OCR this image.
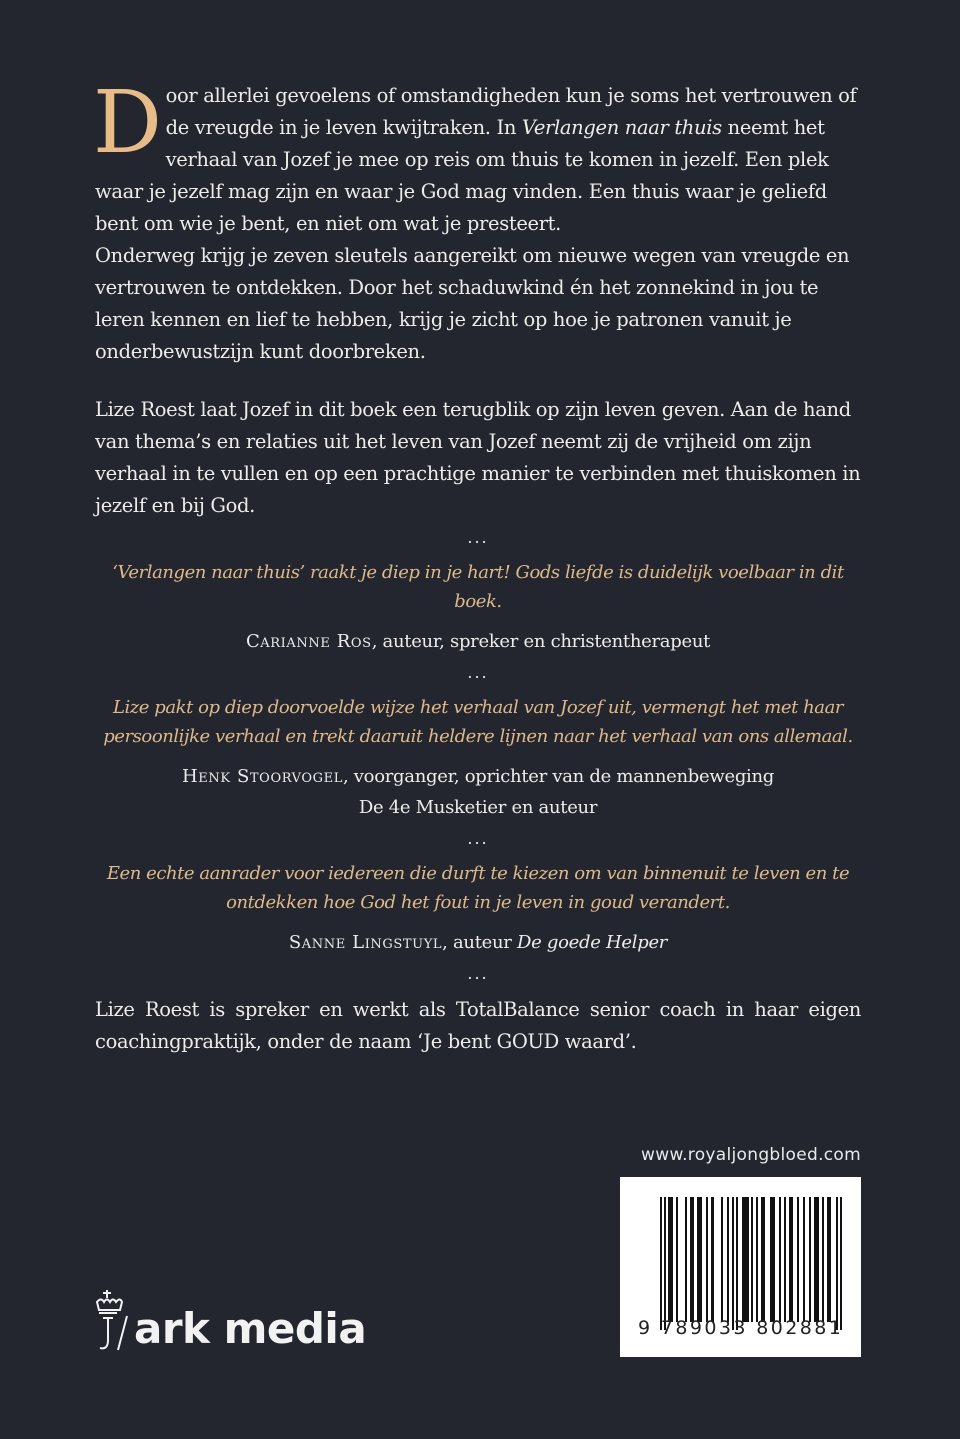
Door allerlei gevoelens of omstandigheden kun je soms het vertrouwen of de vreugde in je leven kwijtraken. In Verlangen naar thuis neemt het verhaal van Jozef je mee op reis om thuis te komen in jezelf. Een plek waar je jezelf mag zijn en waar je God mag vinden. Een thuis waar je geliefd bent om wie je bent, en niet om wat je presteert.

Onderweg krijg je zeven sleutels aangereikt om nieuwe wegen van vreugde en vertrouwen te ontdekken. Door het schaduwkind én het zonnekind in jou te leren kennen en lief te hebben, krijg je zicht op hoe je patronen vanuit je onderbewustzijn kunt doorbreken.

Lize Roest laat Jozef in dit boek een terugblik op zijn leven geven. Aan de hand van thema’s en relaties uit het leven van Jozef neemt zij de vrijheid om zijn verhaal in te vullen en op een prachtige manier te verbinden met thuiskomen in jezelf en bij God.

...

‘Verlangen naar thuis’ raakt je diep in je hart! Gods liefde is duidelijk voelbaar in dit boek.

Carianne Ros, auteur, spreker en christentherapeut

...

Lize pakt op diep doorvoelde wijze het verhaal van Jozef uit, vermengt het met haar persoonlijke verhaal en trekt daaruit heldere lijnen naar het verhaal van ons allemaal.

Henk Stoorvogel, voorganger, oprichter van de mannenbeweging
De 4e Musketier en auteur

...

Een echte aanrader voor iedereen die durft te kiezen om van binnenuit te leven en te ontdekken hoe God het fout in je leven in goud verandert.

Sanne Lingstuyl, auteur De goede Helper

...

Lize Roest is spreker en werkt als TotalBalance senior coach in haar eigen coachingpraktijk, onder de naam ‘Je bent GOUD waard’.

www.royaljongbloed.com
9 789033 802881
ark media
